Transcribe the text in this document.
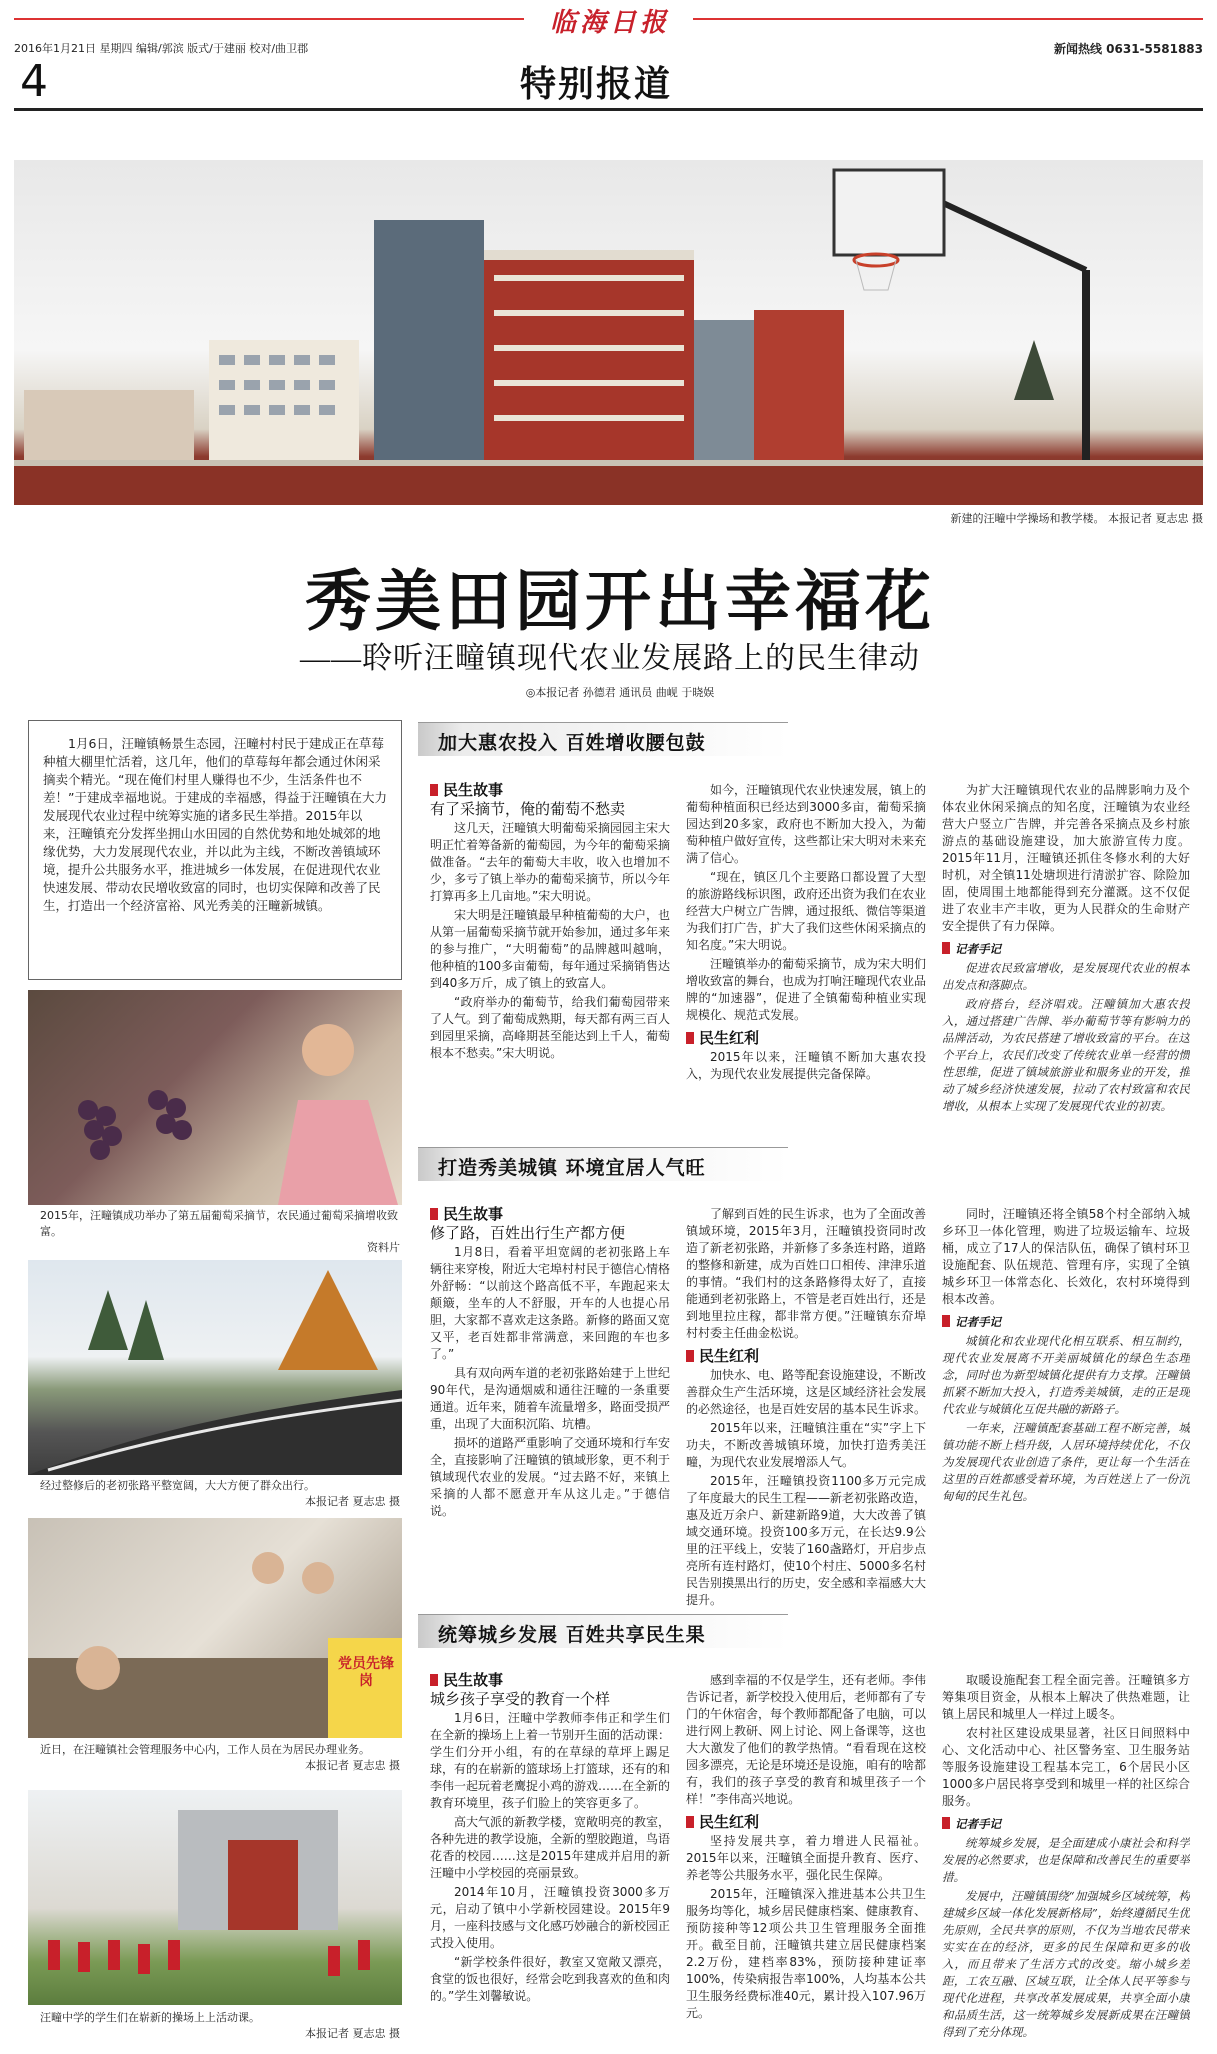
临海日报
2016年1月21日 星期四 编辑/郭滨 版式/于建丽 校对/曲卫郡	新闻热线 0631-5581883
4	特别报道
新建的汪疃中学操场和教学楼。 本报记者 夏志忠 摄
秀美田园开出幸福花
——聆听汪疃镇现代农业发展路上的民生律动
◎本报记者 孙德君 通讯员 曲岘 于晓娱
1月6日，汪疃镇畅景生态园，汪疃村村民于建成正在草莓种植大棚里忙活着，这几年，他们的草莓每年都会通过休闲采摘卖个精光。“现在俺们村里人赚得也不少，生活条件也不差！”于建成幸福地说。于建成的幸福感，得益于汪疃镇在大力发展现代农业过程中统筹实施的诸多民生举措。2015年以来，汪疃镇充分发挥坐拥山水田园的自然优势和地处城郊的地缘优势，大力发展现代农业，并以此为主线，不断改善镇域环境，提升公共服务水平，推进城乡一体发展，在促进现代农业快速发展、带动农民增收致富的同时，也切实保障和改善了民生，打造出一个经济富裕、风光秀美的汪疃新城镇。
2015年，汪疃镇成功举办了第五届葡萄采摘节，农民通过葡萄采摘增收致富。
资料片
经过整修后的老初张路平整宽阔，大大方便了群众出行。
本报记者 夏志忠 摄
党员先锋岗
近日，在汪疃镇社会管理服务中心内，工作人员在为居民办理业务。
本报记者 夏志忠 摄
汪疃中学的学生们在崭新的操场上上活动课。
本报记者 夏志忠 摄
加大惠农投入 百姓增收腰包鼓

民生故事

有了采摘节，俺的葡萄不愁卖

这几天，汪疃镇大明葡萄采摘园园主宋大明正忙着筹备新的葡萄园，为今年的葡萄采摘做准备。“去年的葡萄大丰收，收入也增加不少，多亏了镇上举办的葡萄采摘节，所以今年打算再多上几亩地。”宋大明说。

宋大明是汪疃镇最早种植葡萄的大户，也从第一届葡萄采摘节就开始参加，通过多年来的参与推广，“大明葡萄”的品牌越叫越响，他种植的100多亩葡萄，每年通过采摘销售达到40多万斤，成了镇上的致富人。

“政府举办的葡萄节，给我们葡萄园带来了人气。到了葡萄成熟期，每天都有两三百人到园里采摘，高峰期甚至能达到上千人，葡萄根本不愁卖。”宋大明说。

如今，汪疃镇现代农业快速发展，镇上的葡萄种植面积已经达到3000多亩，葡萄采摘园达到20多家，政府也不断加大投入，为葡萄种植户做好宣传，这些都让宋大明对未来充满了信心。

“现在，镇区几个主要路口都设置了大型的旅游路线标识图，政府还出资为我们在农业经营大户树立广告牌，通过报纸、微信等渠道为我们打广告，扩大了我们这些休闲采摘点的知名度。”宋大明说。

汪疃镇举办的葡萄采摘节，成为宋大明们增收致富的舞台，也成为打响汪疃现代农业品牌的“加速器”，促进了全镇葡萄种植业实现规模化、规范式发展。

民生红利

2015年以来，汪疃镇不断加大惠农投入，为现代农业发展提供完备保障。

为扩大汪疃镇现代农业的品牌影响力及个体农业休闲采摘点的知名度，汪疃镇为农业经营大户竖立广告牌，并完善各采摘点及乡村旅游点的基础设施建设，加大旅游宣传力度。2015年11月，汪疃镇还抓住冬修水利的大好时机，对全镇11处塘坝进行清淤扩容、除险加固，使周围土地都能得到充分灌溉。这不仅促进了农业丰产丰收，更为人民群众的生命财产安全提供了有力保障。

记者手记

促进农民致富增收，是发展现代农业的根本出发点和落脚点。

政府搭台，经济唱戏。汪疃镇加大惠农投入，通过搭建广告牌、举办葡萄节等有影响力的品牌活动，为农民搭建了增收致富的平台。在这个平台上，农民们改变了传统农业单一经营的惯性思维，促进了镇域旅游业和服务业的开发，推动了城乡经济快速发展，拉动了农村致富和农民增收，从根本上实现了发展现代农业的初衷。

打造秀美城镇 环境宜居人气旺

民生故事

修了路，百姓出行生产都方便

1月8日，看着平坦宽阔的老初张路上车辆往来穿梭，附近大宅埠村村民于德信心情格外舒畅：“以前这个路高低不平，车跑起来太颠簸，坐车的人不舒服，开车的人也提心吊胆，大家都不喜欢走这条路。新修的路面又宽又平，老百姓都非常满意，来回跑的车也多了。”

具有双向两车道的老初张路始建于上世纪90年代，是沟通烟威和通往汪疃的一条重要通道。近年来，随着车流量增多，路面受损严重，出现了大面积沉陷、坑槽。

损坏的道路严重影响了交通环境和行车安全，直接影响了汪疃镇的镇域形象，更不利于镇域现代农业的发展。“过去路不好，来镇上采摘的人都不愿意开车从这儿走。”于德信说。

了解到百姓的民生诉求，也为了全面改善镇域环境，2015年3月，汪疃镇投资同时改造了新老初张路，并新修了多条连村路，道路的整修和新建，成为百姓口口相传、津津乐道的事情。“我们村的这条路修得太好了，直接能通到老初张路上，不管是老百姓出行，还是到地里拉庄稼，都非常方便。”汪疃镇东夼埠村村委主任曲金松说。

民生红利

加快水、电、路等配套设施建设，不断改善群众生产生活环境，这是区域经济社会发展的必然途径，也是百姓安居的基本民生诉求。

2015年以来，汪疃镇注重在“实”字上下功夫，不断改善城镇环境，加快打造秀美汪疃，为现代农业发展增添人气。

2015年，汪疃镇投资1100多万元完成了年度最大的民生工程——新老初张路改造，惠及近万余户、新建新路9道，大大改善了镇域交通环境。投资100多万元，在长达9.9公里的汪平线上，安装了160盏路灯，开启步点亮所有连村路灯，使10个村庄、5000多名村民告别摸黑出行的历史，安全感和幸福感大大提升。

同时，汪疃镇还将全镇58个村全部纳入城乡环卫一体化管理，购进了垃圾运输车、垃圾桶，成立了17人的保洁队伍，确保了镇村环卫设施配套、队伍规范、管理有序，实现了全镇城乡环卫一体常态化、长效化，农村环境得到根本改善。

记者手记

城镇化和农业现代化相互联系、相互制约，现代农业发展离不开美丽城镇化的绿色生态理念，同时也为新型城镇化提供有力支撑。汪疃镇抓紧不断加大投入，打造秀美城镇，走的正是现代农业与城镇化互促共融的新路子。

一年来，汪疃镇配套基础工程不断完善，城镇功能不断上档升级，人居环境持续优化，不仅为发展现代农业创造了条件，更让每一个生活在这里的百姓都感受着环境，为百姓送上了一份沉甸甸的民生礼包。

统筹城乡发展 百姓共享民生果

民生故事

城乡孩子享受的教育一个样

1月6日，汪疃中学教师李伟正和学生们在全新的操场上上着一节别开生面的活动课：学生们分开小组，有的在草绿的草坪上踢足球，有的在崭新的篮球场上打篮球，还有的和李伟一起玩着老鹰捉小鸡的游戏……在全新的教育环境里，孩子们脸上的笑容更多了。

高大气派的新教学楼，宽敞明亮的教室，各种先进的教学设施，全新的塑胶跑道，鸟语花香的校园……这是2015年建成并启用的新汪疃中小学校园的亮丽景致。

2014年10月，汪疃镇投资3000多万元，启动了镇中小学新校园建设。2015年9月，一座科技感与文化感巧妙融合的新校园正式投入使用。

“新学校条件很好，教室又宽敞又漂亮，食堂的饭也很好，经常会吃到我喜欢的鱼和肉的。”学生刘馨敏说。

感到幸福的不仅是学生，还有老师。李伟告诉记者，新学校投入使用后，老师都有了专门的午休宿舍，每个教师都配备了电脑，可以进行网上教研、网上讨论、网上备课等，这也大大激发了他们的教学热情。“看看现在这校园多漂亮，无论是环境还是设施，咱有的啥都有，我们的孩子享受的教育和城里孩子一个样！”李伟高兴地说。

民生红利

坚持发展共享，着力增进人民福祉。2015年以来，汪疃镇全面提升教育、医疗、养老等公共服务水平，强化民生保障。

2015年，汪疃镇深入推进基本公共卫生服务均等化，城乡居民健康档案、健康教育、预防接种等12项公共卫生管理服务全面推开。截至目前，汪疃镇共建立居民健康档案2.2万份，建档率83%，预防接种建证率100%，传染病报告率100%，人均基本公共卫生服务经费标准40元，累计投入107.96万元。

取暖设施配套工程全面完善。汪疃镇多方筹集项目资金，从根本上解决了供热难题，让镇上居民和城里人一样过上暖冬。

农村社区建设成果显著，社区日间照料中心、文化活动中心、社区警务室、卫生服务站等服务设施建设工程基本完工，6个居民小区1000多户居民将享受到和城里一样的社区综合服务。

记者手记

统筹城乡发展，是全面建成小康社会和科学发展的必然要求，也是保障和改善民生的重要举措。

发展中，汪疃镇围绕“加强城乡区域统筹，构建城乡区域一体化发展新格局”，始终遵循民生优先原则，全民共享的原则，不仅为当地农民带来实实在在的经济，更多的民生保障和更多的收入，而且带来了生活方式的改变。缩小城乡差距，工农互融、区域互联，让全体人民平等参与现代化进程，共享改革发展成果，共享全面小康和品质生活，这一统筹城乡发展新成果在汪疃镇得到了充分体现。
